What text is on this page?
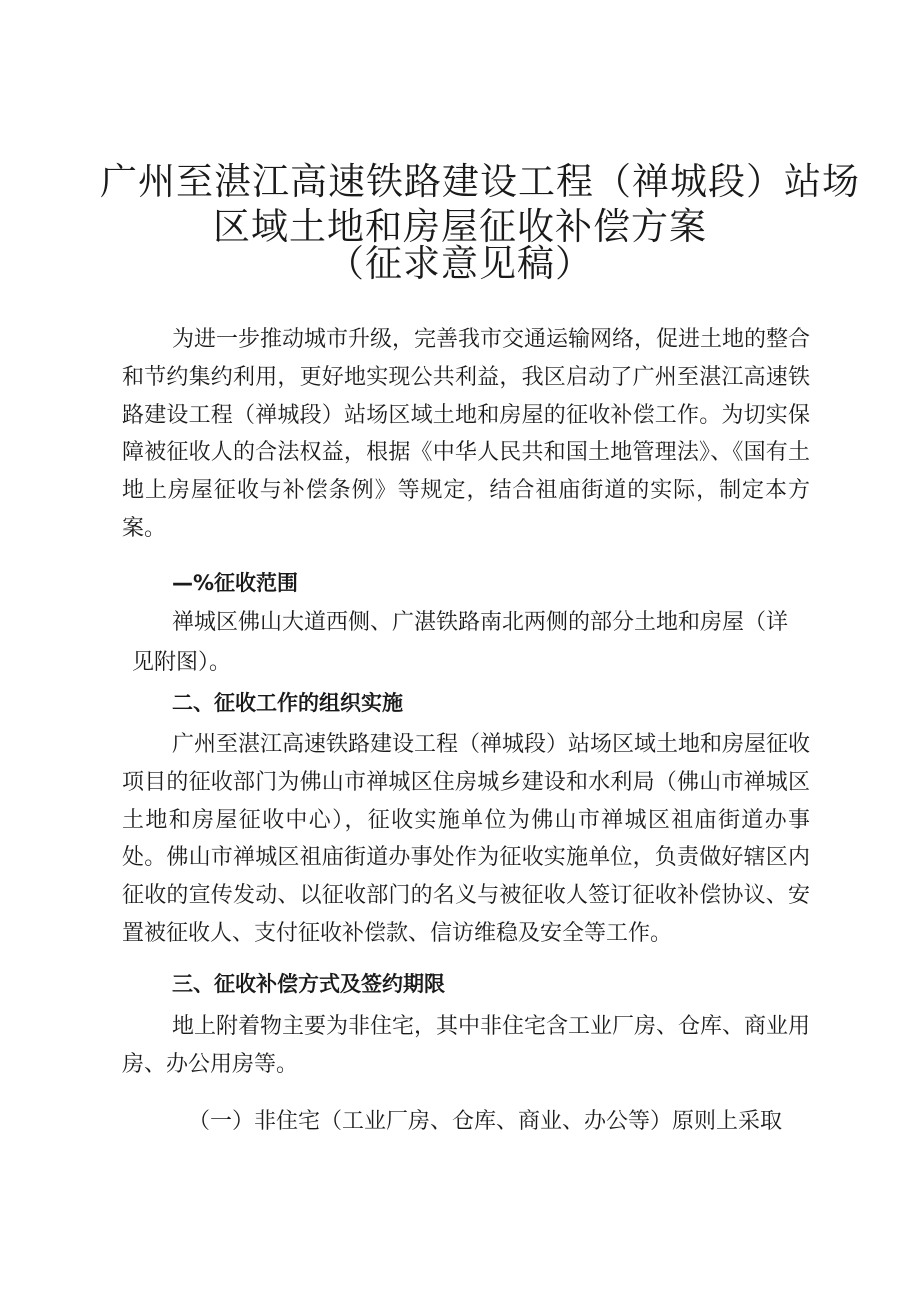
广州至湛江高速铁路建设工程（禅城段）站场
区域土地和房屋征收补偿方案
（征求意见稿）

为进一步推动城市升级，完善我市交通运输网络，促进土地的整合和节约集约利用，更好地实现公共利益，我区启动了广州至湛江高速铁路建设工程（禅城段）站场区域土地和房屋的征收补偿工作。为切实保障被征收人的合法权益，根据《中华人民共和国土地管理法》、《国有土地上房屋征收与补偿条例》等规定，结合祖庙街道的实际，制定本方案。

—%征收范围

禅城区佛山大道西侧、广湛铁路南北两侧的部分土地和房屋（详

见附图）。

二、征收工作的组织实施

广州至湛江高速铁路建设工程（禅城段）站场区域土地和房屋征收项目的征收部门为佛山市禅城区住房城乡建设和水利局（佛山市禅城区土地和房屋征收中心），征收实施单位为佛山市禅城区祖庙街道办事处。佛山市禅城区祖庙街道办事处作为征收实施单位，负责做好辖区内征收的宣传发动、以征收部门的名义与被征收人签订征收补偿协议、安置被征收人、支付征收补偿款、信访维稳及安全等工作。

三、征收补偿方式及签约期限

地上附着物主要为非住宅，其中非住宅含工业厂房、仓库、商业用房、办公用房等。

（一）非住宅（工业厂房、仓库、商业、办公等）原则上采取
